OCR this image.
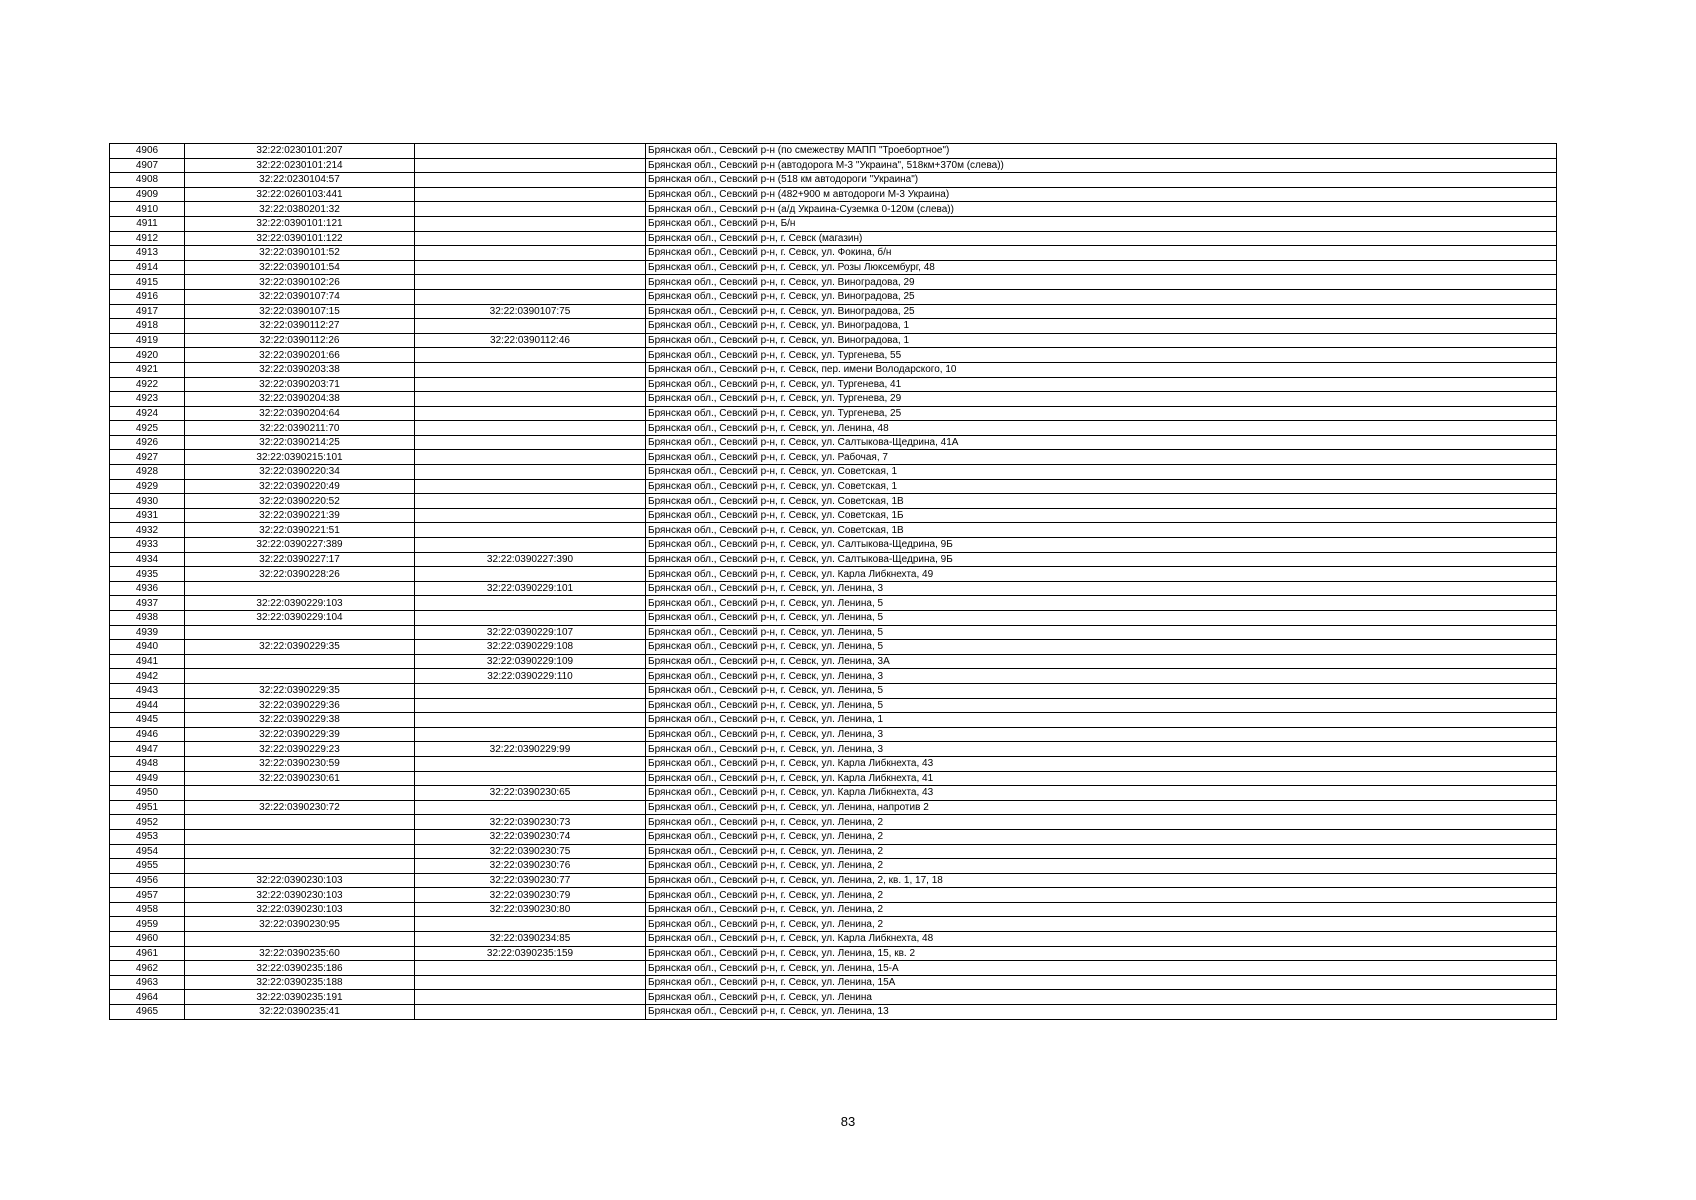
4906	32:22:0230101:207		Брянская обл., Севский р-н (по смежеству МАПП "Троебортное")
4907	32:22:0230101:214		Брянская обл., Севский р-н (автодорога М-3 "Украина", 518км+370м (слева))
4908	32:22:0230104:57		Брянская обл., Севский р-н (518 км автодороги "Украина")
4909	32:22:0260103:441		Брянская обл., Севский р-н (482+900 м автодороги М-3 Украина)
4910	32:22:0380201:32		Брянская обл., Севский р-н (а/д Украина-Суземка 0-120м (слева))
4911	32:22:0390101:121		Брянская обл., Севский р-н, Б/н
4912	32:22:0390101:122		Брянская обл., Севский р-н, г. Севск (магазин)
4913	32:22:0390101:52		Брянская обл., Севский р-н, г. Севск, ул. Фокина, б/н
4914	32:22:0390101:54		Брянская обл., Севский р-н, г. Севск, ул. Розы Люксембург, 48
4915	32:22:0390102:26		Брянская обл., Севский р-н, г. Севск, ул. Виноградова, 29
4916	32:22:0390107:74		Брянская обл., Севский р-н, г. Севск, ул. Виноградова, 25
4917	32:22:0390107:15	32:22:0390107:75	Брянская обл., Севский р-н, г. Севск, ул. Виноградова, 25
4918	32:22:0390112:27		Брянская обл., Севский р-н, г. Севск, ул. Виноградова, 1
4919	32:22:0390112:26	32:22:0390112:46	Брянская обл., Севский р-н, г. Севск, ул. Виноградова, 1
4920	32:22:0390201:66		Брянская обл., Севский р-н, г. Севск, ул. Тургенева, 55
4921	32:22:0390203:38		Брянская обл., Севский р-н, г. Севск, пер. имени Володарского, 10
4922	32:22:0390203:71		Брянская обл., Севский р-н, г. Севск, ул. Тургенева, 41
4923	32:22:0390204:38		Брянская обл., Севский р-н, г. Севск, ул. Тургенева, 29
4924	32:22:0390204:64		Брянская обл., Севский р-н, г. Севск, ул. Тургенева, 25
4925	32:22:0390211:70		Брянская обл., Севский р-н, г. Севск, ул. Ленина, 48
4926	32:22:0390214:25		Брянская обл., Севский р-н, г. Севск, ул. Салтыкова-Щедрина, 41А
4927	32:22:0390215:101		Брянская обл., Севский р-н, г. Севск, ул. Рабочая, 7
4928	32:22:0390220:34		Брянская обл., Севский р-н, г. Севск, ул. Советская, 1
4929	32:22:0390220:49		Брянская обл., Севский р-н, г. Севск, ул. Советская, 1
4930	32:22:0390220:52		Брянская обл., Севский р-н, г. Севск, ул. Советская, 1В
4931	32:22:0390221:39		Брянская обл., Севский р-н, г. Севск, ул. Советская, 1Б
4932	32:22:0390221:51		Брянская обл., Севский р-н, г. Севск, ул. Советская, 1В
4933	32:22:0390227:389		Брянская обл., Севский р-н, г. Севск, ул. Салтыкова-Щедрина, 9Б
4934	32:22:0390227:17	32:22:0390227:390	Брянская обл., Севский р-н, г. Севск, ул. Салтыкова-Щедрина, 9Б
4935	32:22:0390228:26		Брянская обл., Севский р-н, г. Севск, ул. Карла Либкнехта, 49
4936		32:22:0390229:101	Брянская обл., Севский р-н, г. Севск, ул. Ленина, 3
4937	32:22:0390229:103		Брянская обл., Севский р-н, г. Севск, ул. Ленина, 5
4938	32:22:0390229:104		Брянская обл., Севский р-н, г. Севск, ул. Ленина, 5
4939		32:22:0390229:107	Брянская обл., Севский р-н, г. Севск, ул. Ленина, 5
4940	32:22:0390229:35	32:22:0390229:108	Брянская обл., Севский р-н, г. Севск, ул. Ленина, 5
4941		32:22:0390229:109	Брянская обл., Севский р-н, г. Севск, ул. Ленина, 3А
4942		32:22:0390229:110	Брянская обл., Севский р-н, г. Севск, ул. Ленина, 3
4943	32:22:0390229:35		Брянская обл., Севский р-н, г. Севск, ул. Ленина, 5
4944	32:22:0390229:36		Брянская обл., Севский р-н, г. Севск, ул. Ленина, 5
4945	32:22:0390229:38		Брянская обл., Севский р-н, г. Севск, ул. Ленина, 1
4946	32:22:0390229:39		Брянская обл., Севский р-н, г. Севск, ул. Ленина, 3
4947	32:22:0390229:23	32:22:0390229:99	Брянская обл., Севский р-н, г. Севск, ул. Ленина, 3
4948	32:22:0390230:59		Брянская обл., Севский р-н, г. Севск, ул. Карла Либкнехта, 43
4949	32:22:0390230:61		Брянская обл., Севский р-н, г. Севск, ул. Карла Либкнехта, 41
4950		32:22:0390230:65	Брянская обл., Севский р-н, г. Севск, ул. Карла Либкнехта, 43
4951	32:22:0390230:72		Брянская обл., Севский р-н, г. Севск, ул. Ленина, напротив 2
4952		32:22:0390230:73	Брянская обл., Севский р-н, г. Севск, ул. Ленина, 2
4953		32:22:0390230:74	Брянская обл., Севский р-н, г. Севск, ул. Ленина, 2
4954		32:22:0390230:75	Брянская обл., Севский р-н, г. Севск, ул. Ленина, 2
4955		32:22:0390230:76	Брянская обл., Севский р-н, г. Севск, ул. Ленина, 2
4956	32:22:0390230:103	32:22:0390230:77	Брянская обл., Севский р-н, г. Севск, ул. Ленина, 2, кв. 1, 17, 18
4957	32:22:0390230:103	32:22:0390230:79	Брянская обл., Севский р-н, г. Севск, ул. Ленина, 2
4958	32:22:0390230:103	32:22:0390230:80	Брянская обл., Севский р-н, г. Севск, ул. Ленина, 2
4959	32:22:0390230:95		Брянская обл., Севский р-н, г. Севск, ул. Ленина, 2
4960		32:22:0390234:85	Брянская обл., Севский р-н, г. Севск, ул. Карла Либкнехта, 48
4961	32:22:0390235:60	32:22:0390235:159	Брянская обл., Севский р-н, г. Севск, ул. Ленина, 15, кв. 2
4962	32:22:0390235:186		Брянская обл., Севский р-н, г. Севск, ул. Ленина, 15-А
4963	32:22:0390235:188		Брянская обл., Севский р-н, г. Севск, ул. Ленина, 15А
4964	32:22:0390235:191		Брянская обл., Севский р-н, г. Севск, ул. Ленина
4965	32:22:0390235:41		Брянская обл., Севский р-н, г. Севск, ул. Ленина, 13
83
